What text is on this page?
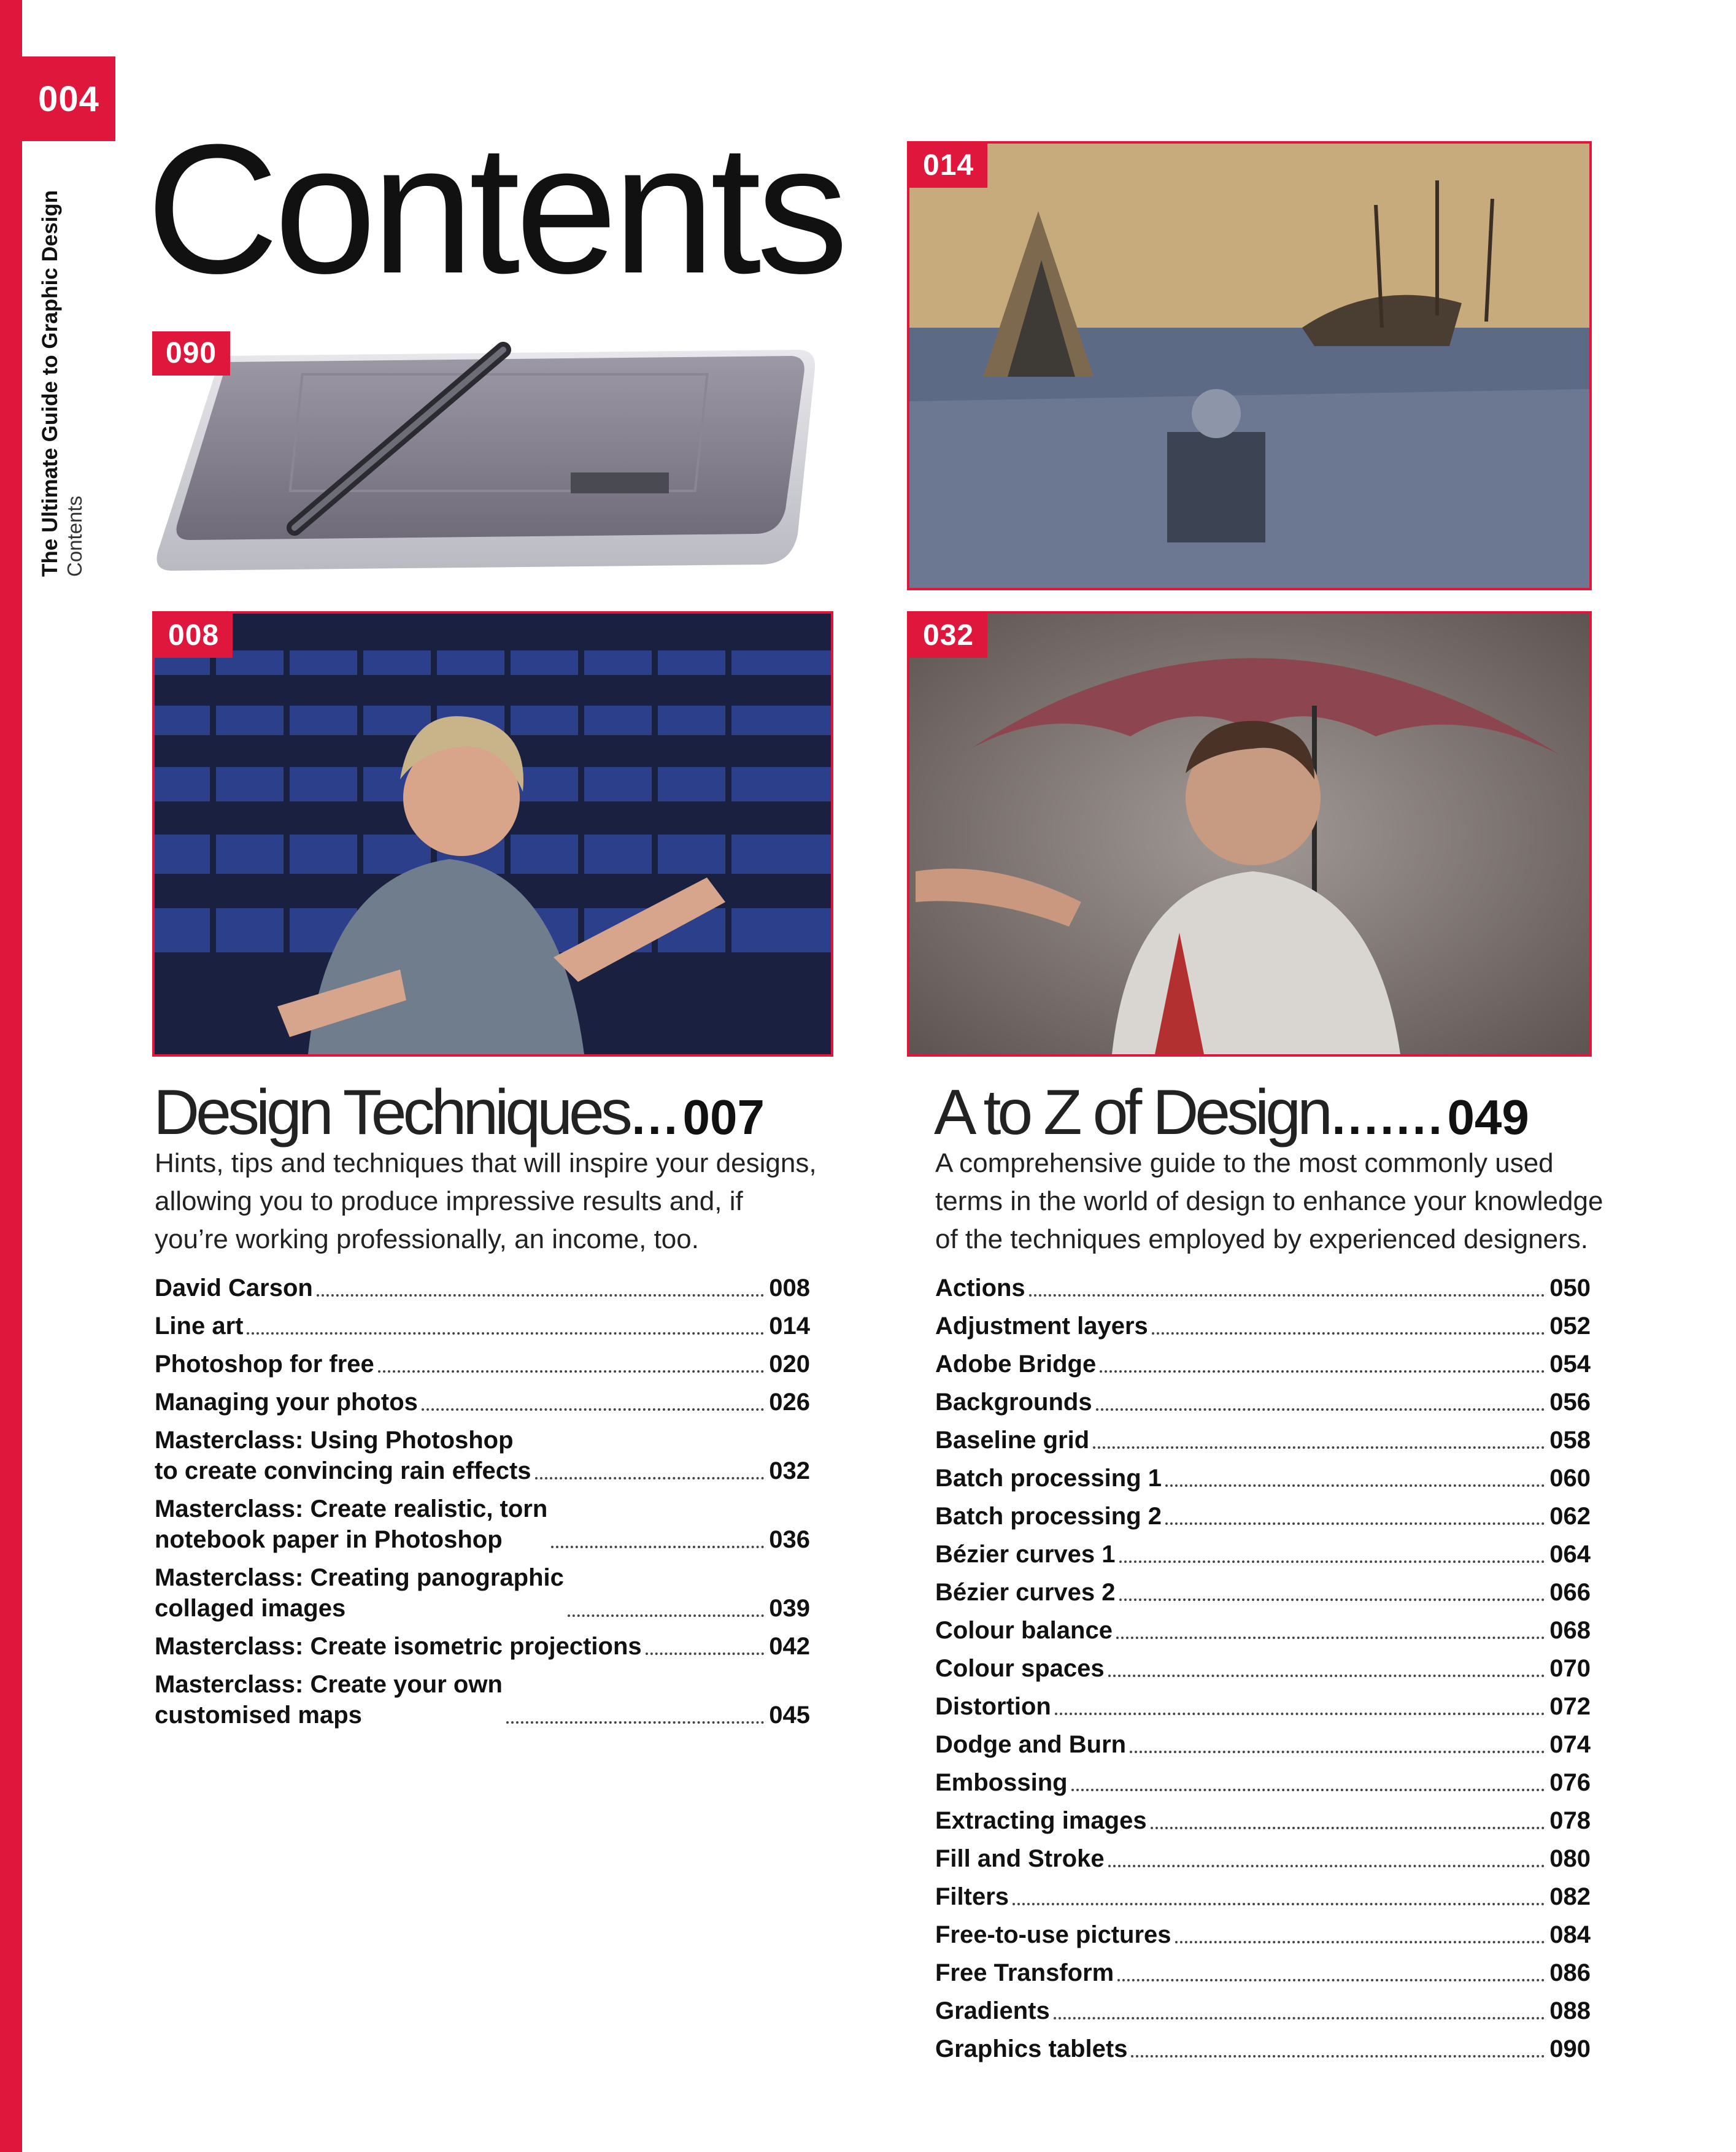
004
The Ultimate Guide to Graphic Design Contents
Contents
090
014
008	032
Design Techniques ... 007
Hints, tips and techniques that will inspire your designs, allowing you to produce impressive results and, if you’re working professionally, an income, too.
David Carson	008
Line art	014
Photoshop for free	020
Managing your photos	026
Masterclass: Using Photoshop
to create convincing rain effects	032
Masterclass: Create realistic, torn
notebook paper in Photoshop	036
Masterclass: Creating panographic
collaged images	039
Masterclass: Create isometric projections	042
Masterclass: Create your own
customised maps	045
A to Z of Design ....... 049
A comprehensive guide to the most commonly used terms in the world of design to enhance your knowledge of the techniques employed by experienced designers.
Actions	050
Adjustment layers	052
Adobe Bridge	054
Backgrounds	056
Baseline grid	058
Batch processing 1	060
Batch processing 2	062
Bézier curves 1	064
Bézier curves 2	066
Colour balance	068
Colour spaces	070
Distortion	072
Dodge and Burn	074
Embossing	076
Extracting images	078
Fill and Stroke	080
Filters	082
Free-to-use pictures	084
Free Transform	086
Gradients	088
Graphics tablets	090
